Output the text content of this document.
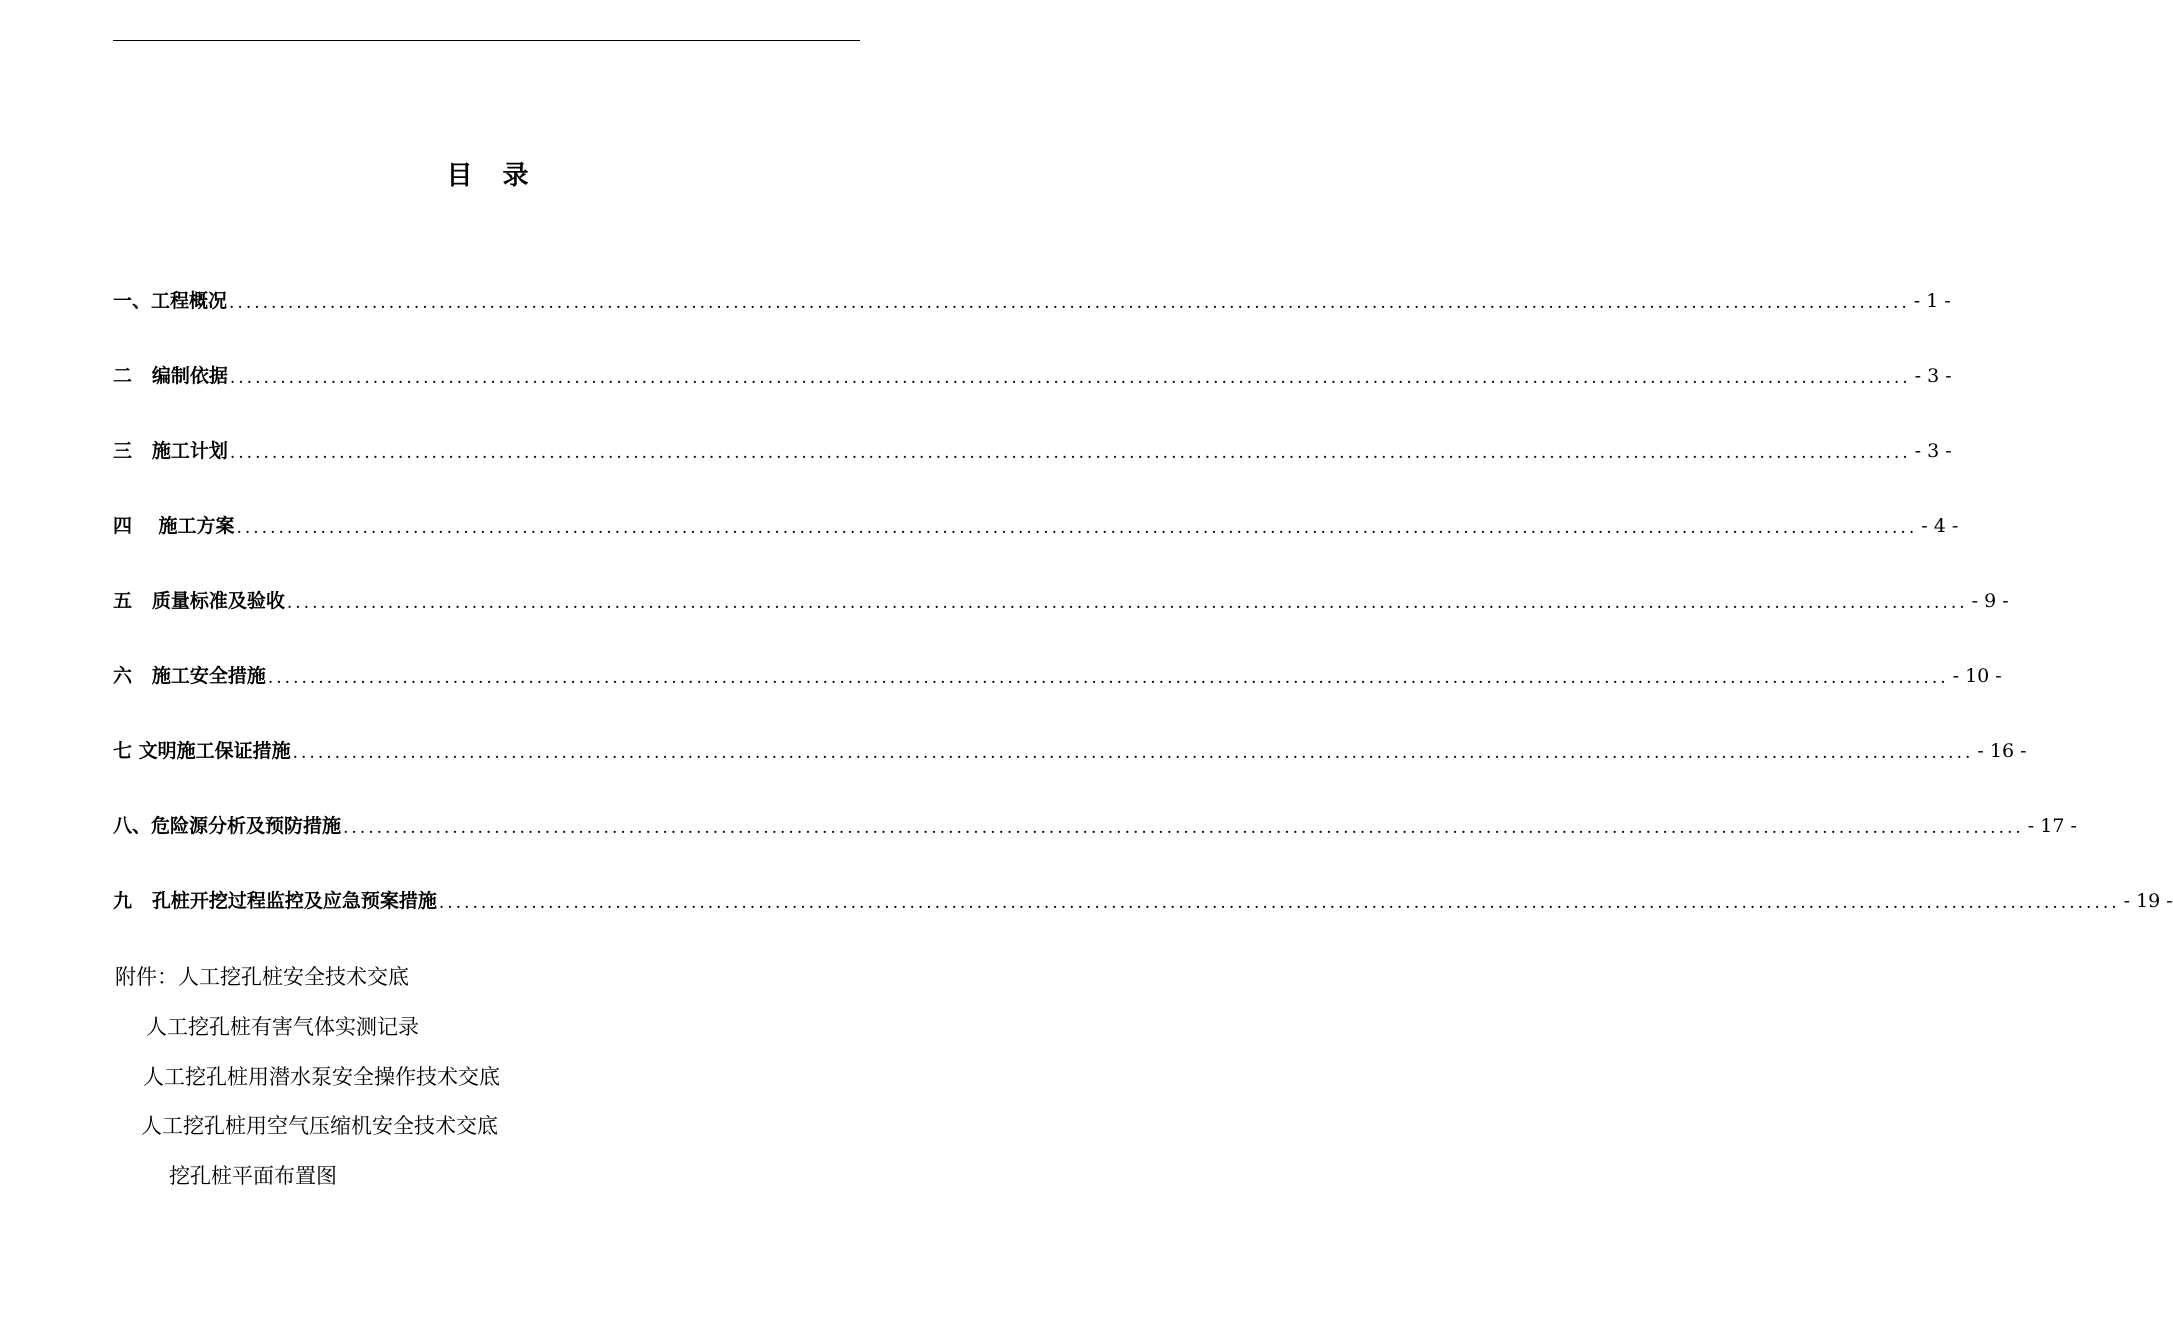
目 录
一、工程概况 ........................................................................................................................................................................................................ - 1 -
二   编制依据 ........................................................................................................................................................................................................ - 3 -
三   施工计划 ........................................................................................................................................................................................................ - 3 -
四    施工方案 ........................................................................................................................................................................................................ - 4 -
五   质量标准及验收 ........................................................................................................................................................................................................ - 9 -
六   施工安全措施 ........................................................................................................................................................................................................ - 10 -
七 文明施工保证措施 ........................................................................................................................................................................................................ - 16 -
八、危险源分析及预防措施 ........................................................................................................................................................................................................ - 17 -
九   孔桩开挖过程监控及应急预案措施 ........................................................................................................................................................................................................ - 19 -
附件：人工挖孔桩安全技术交底
人工挖孔桩有害气体实测记录
人工挖孔桩用潜水泵安全操作技术交底
人工挖孔桩用空气压缩机安全技术交底
挖孔桩平面布置图
